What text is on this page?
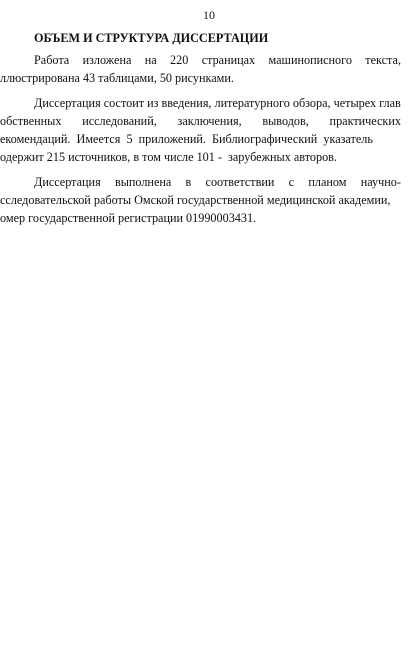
10
ОБЪЕМ И СТРУКТУРА ДИССЕРТАЦИИ
Работа изложена на 220 страницах машинописного текста,
ллюстрирована 43 таблицами, 50 рисунками.
Диссертация состоит из введения, литературного обзора, четырех глав
обственных исследований, заключения, выводов, практических
екомендаций.  Имеется  5  приложений.  Библиографический  указатель
одержит 215 источников, в том числе 101 -  зарубежных авторов.
Диссертация выполнена в соответствии с планом научно-
сследовательской работы Омской государственной медицинской академии,
омер государственной регистрации 01990003431.
